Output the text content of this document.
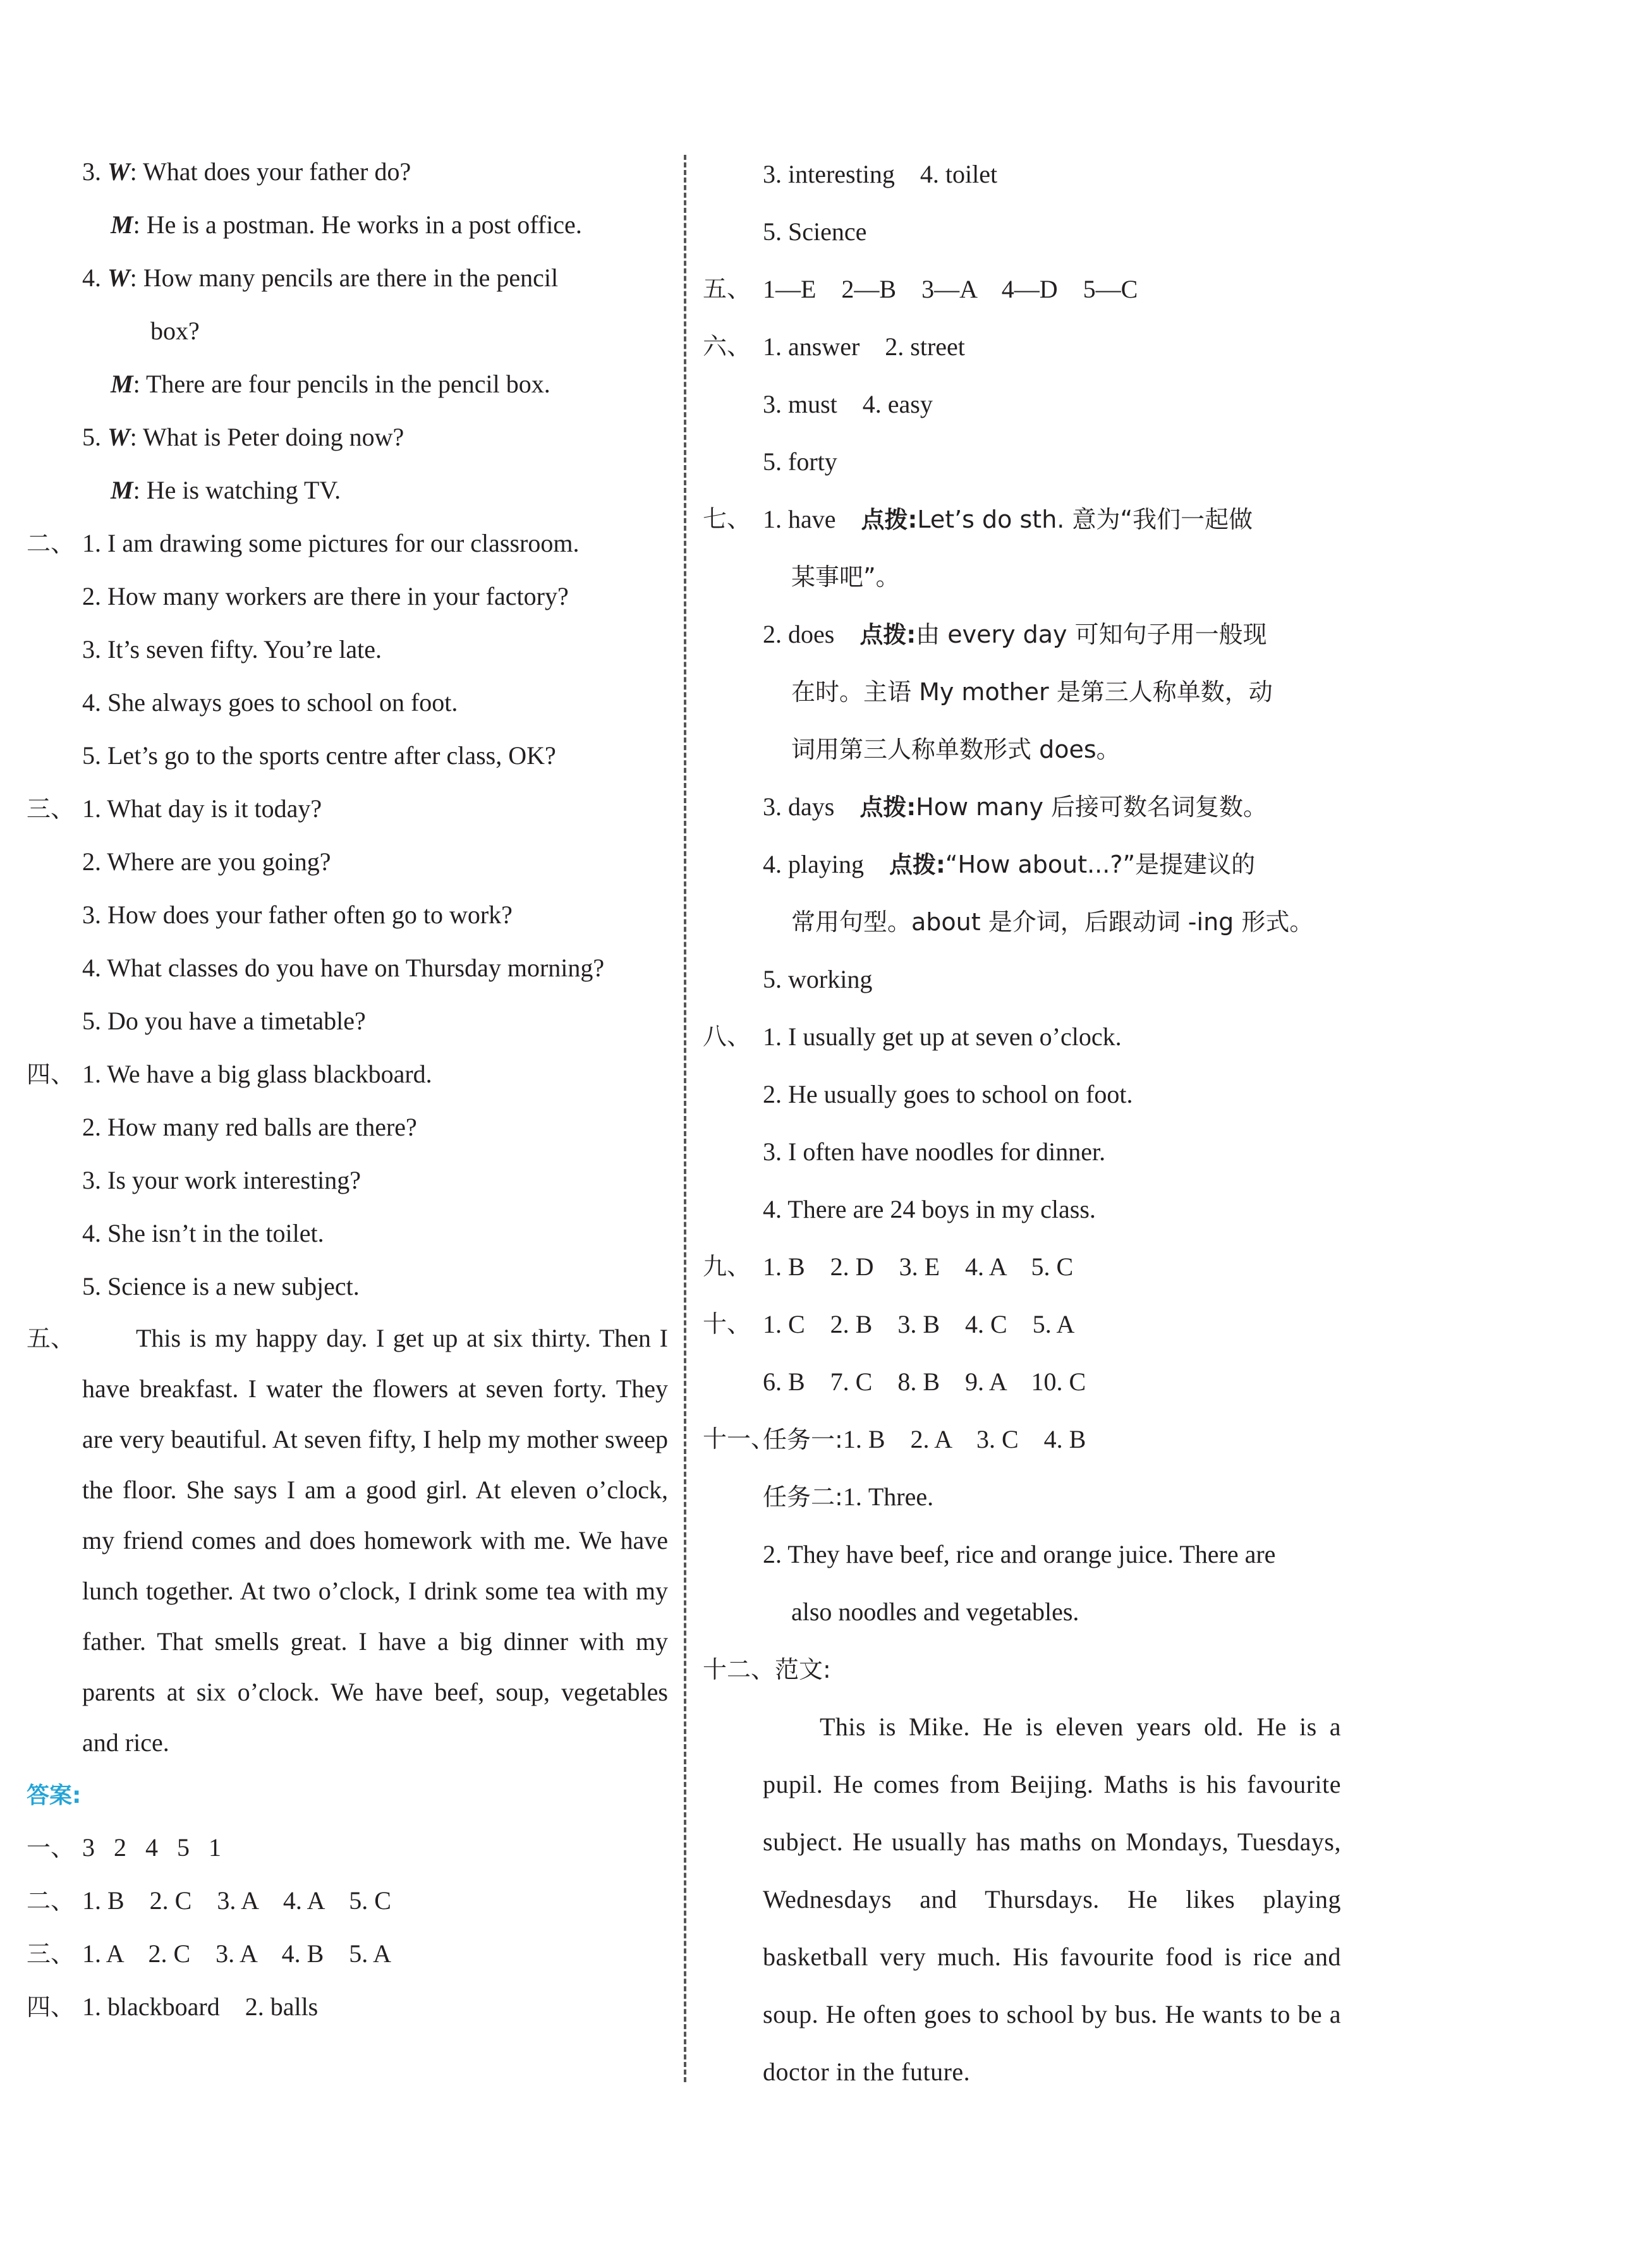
3. W: What does your father do?
M: He is a postman. He works in a post office.
4. W: How many pencils are there in the pencil
box?
M: There are four pencils in the pencil box.
5. W: What is Peter doing now?
M: He is watching TV.
二、 1. I am drawing some pictures for our classroom.
2. How many workers are there in your factory?
3. It’s seven fifty. You’re late.
4. She always goes to school on foot.
5. Let’s go to the sports centre after class, OK?
三、 1. What day is it today?
2. Where are you going?
3. How does your father often go to work?
4. What classes do you have on Thursday morning?
5. Do you have a timetable?
四、 1. We have a big glass blackboard.
2. How many red balls are there?
3. Is your work interesting?
4. She isn’t in the toilet.
5. Science is a new subject.
五、	This is my happy day. I get up at six thirty. Then I have breakfast. I water the flowers at seven forty. They are very beautiful. At seven fifty, I help my mother sweep the floor. She says I am a good girl. At eleven o’clock, my friend comes and does homework with me. We have lunch together. At two o’clock, I drink some tea with my father. That smells great. I have a big dinner with my parents at six o’clock. We have beef, soup, vegetables and rice.
答案:
一、 3   2   4   5   1
二、 1. B    2. C    3. A    4. A    5. C
三、 1. A    2. C    3. A    4. B    5. A
四、 1. blackboard    2. balls
3. interesting    4. toilet
5. Science
五、 1—E    2—B    3—A    4—D    5—C
六、 1. answer    2. street
3. must    4. easy
5. forty
七、 1. have 点拨:Let’s do sth. 意为“我们一起做
某事吧”。
2. does 点拨:由 every day 可知句子用一般现
在时。主语 My mother 是第三人称单数，动
词用第三人称单数形式 does。
3. days 点拨:How many 后接可数名词复数。
4. playing 点拨:“How about...?”是提建议的
常用句型。about 是介词，后跟动词 -ing 形式。
5. working
八、 1. I usually get up at seven o’clock.
2. He usually goes to school on foot.
3. I often have noodles for dinner.
4. There are 24 boys in my class.
九、 1. B    2. D    3. E    4. A    5. C
十、 1. C    2. B    3. B    4. C    5. A
6. B    7. C    8. B    9. A    10. C
十一、
任务一:1. B    2. A    3. C    4. B
任务二:1. Three.
2. They have beef, rice and orange juice. There are
also noodles and vegetables.
十二、范文:
This is Mike. He is eleven years old. He is a pupil. He comes from Beijing. Maths is his favourite subject. He usually has maths on Mondays, Tuesdays, Wednesdays and Thursdays. He likes playing basketball very much. His favourite food is rice and soup. He often goes to school by bus. He wants to be a doctor in the future.
